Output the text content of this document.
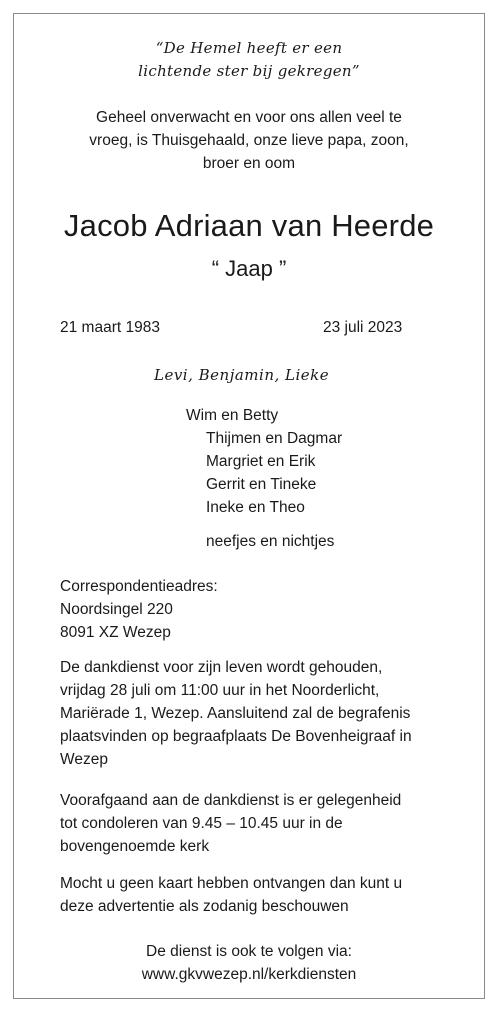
“De Hemel heeft er een
lichtende ster bij gekregen”
Geheel onverwacht en voor ons allen veel te
vroeg, is Thuisgehaald, onze lieve papa, zoon,
broer en oom
Jacob Adriaan van Heerde
“ Jaap ”
21 maart 1983	23 juli 2023
Levi, Benjamin, Lieke
Wim en Betty
Thijmen en Dagmar
Margriet en Erik
Gerrit en Tineke
Ineke en Theo
neefjes en nichtjes
Correspondentieadres:
Noordsingel 220
8091 XZ Wezep
De dankdienst voor zijn leven wordt gehouden,
vrijdag 28 juli om 11:00 uur in het Noorderlicht,
Mariërade 1, Wezep. Aansluitend zal de begrafenis
plaatsvinden op begraafplaats De Bovenheigraaf in
Wezep
Voorafgaand aan de dankdienst is er gelegenheid
tot condoleren van 9.45 – 10.45 uur in de
bovengenoemde kerk
Mocht u geen kaart hebben ontvangen dan kunt u
deze advertentie als zodanig beschouwen
De dienst is ook te volgen via:
www.gkvwezep.nl/kerkdiensten
